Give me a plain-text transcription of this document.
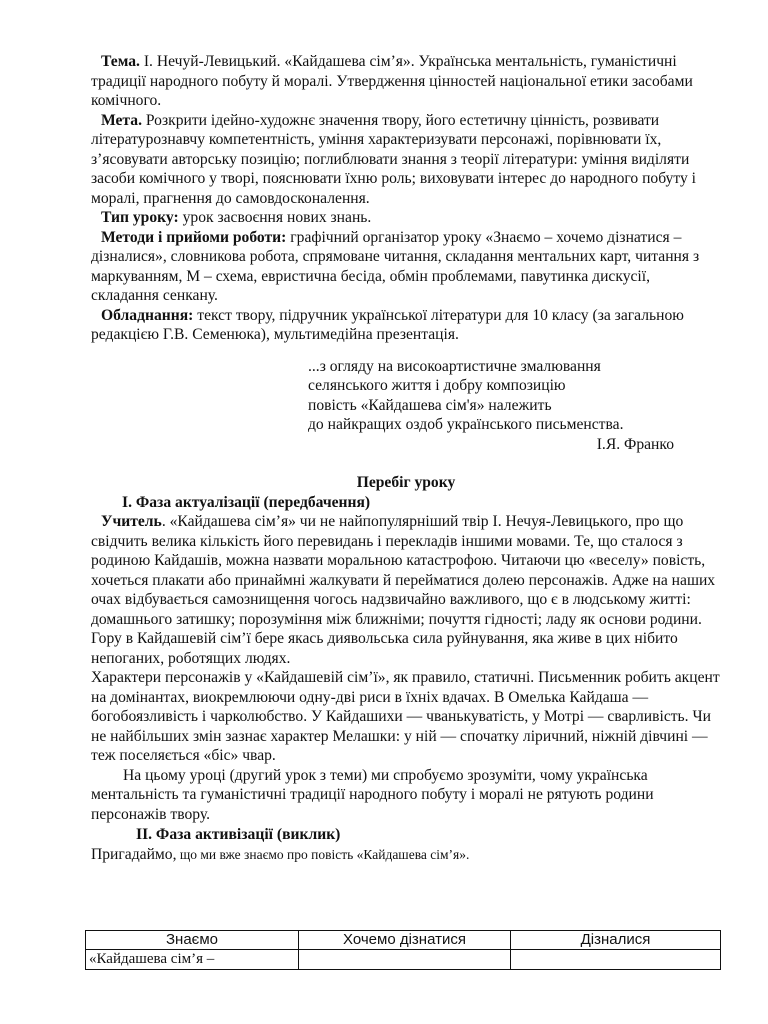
Тема. І. Нечуй-Левицький. «Кайдашева сім’я». Українська ментальність, гуманістичні традиції народного побуту й моралі. Утвердження цінностей національної етики засобами комічного.

Мета. Розкрити ідейно-художнє значення твору, його естетичну цінність, розвивати літературознавчу компетентність, уміння характеризувати персонажі, порівнювати їх, з’ясовувати авторську позицію; поглиблювати знання з теорії літератури: уміння виділяти засоби комічного у творі, пояснювати їхню роль; виховувати інтерес до народного побуту і моралі, прагнення до самовдосконалення.

Тип уроку: урок засвоєння нових знань.

Методи і прийоми роботи: графічний організатор уроку «Знаємо – хочемо дізнатися – дізналися», словникова робота, спрямоване читання, складання ментальних карт, читання з маркуванням, М – схема, евристична бесіда, обмін проблемами, павутинка дискусії, складання сенкану.

Обладнання: текст твору, підручник української літератури для 10 класу (за загальною редакцією Г.В. Семенюка), мультимедійна презентація.

...з огляду на високоартистичне змалювання

селянського життя і добру композицію

повість «Кайдашева сім'я» належить

до найкращих оздоб українського письменства.

І.Я. Франко

Перебіг уроку

І. Фаза актуалізації (передбачення)

Учитель. «Кайдашева сім’я» чи не найпопулярніший твір І. Нечуя-Левицького, про що свідчить велика кількість його перевидань і перекладів іншими мовами. Те, що сталося з родиною Кайдашів, можна назвати моральною катастрофою. Читаючи цю «веселу» повість, хочеться плакати або принаймні жалкувати й перейматися долею персонажів. Адже на наших очах відбувається самознищення чогось надзвичайно важливого, що є в людському житті: домашнього затишку; порозуміння між ближніми; почуття гідності; ладу як основи родини. Гору в Кайдашевій сім’ї бере якась диявольська сила руйнування, яка живе в цих нібито непоганих, роботящих людях.

Характери персонажів у «Кайдашевій сім’ї», як правило, статичні. Письменник робить акцент на домінантах, виокремлюючи одну-дві риси в їхніх вдачах. В Омелька Кайдаша — богобоязливість і чарколюбство. У Кайдашихи — чванькуватість, у Мотрі — сварливість. Чи не найбільших змін зазнає характер Мелашки: у ній — спочатку ліричний, ніжній дівчині — теж поселяється «біс» чвар.

На цьому уроці (другий урок з теми) ми спробуємо зрозуміти, чому українська ментальність та гуманістичні традиції народного побуту і моралі не рятують родини персонажів твору.

ІІ. Фаза активізації (виклик)

Пригадаймо, що ми вже знаємо про повість «Кайдашева сім’я».

Знаємо	Хочемо дізнатися	Дізналися
«Кайдашева сім’я –		
